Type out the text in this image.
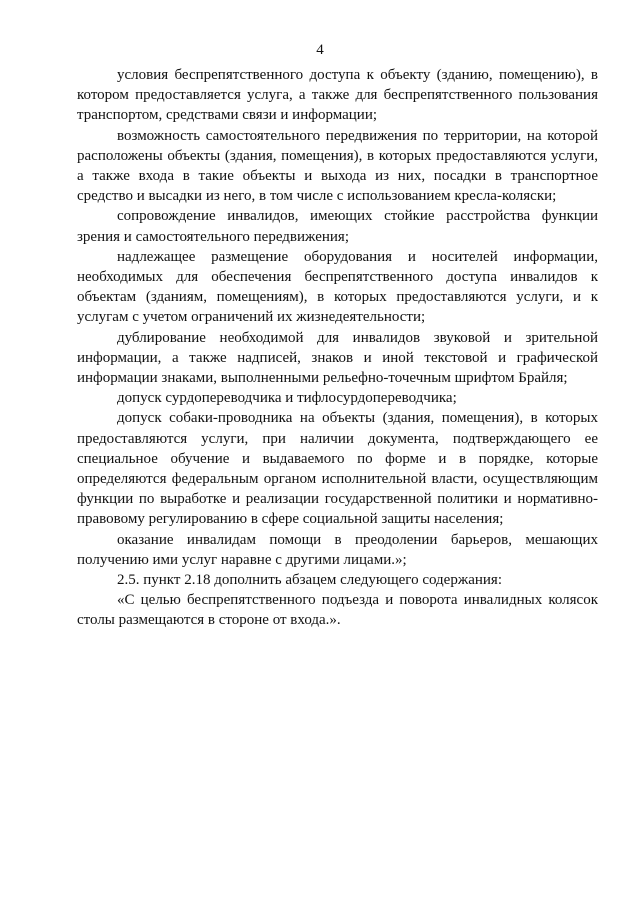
4

условия беспрепятственного доступа к объекту (зданию, помещению), в котором предоставляется услуга, а также для беспрепятственного пользования транспортом, средствами связи и информации;

возможность самостоятельного передвижения по территории, на которой расположены объекты (здания, помещения), в которых предоставляются услуги, а также входа в такие объекты и выхода из них, посадки в транспортное средство и высадки из него, в том числе с использованием кресла-коляски;

сопровождение инвалидов, имеющих стойкие расстройства функции зрения и самостоятельного передвижения;

надлежащее размещение оборудования и носителей информации, необходимых для обеспечения беспрепятственного доступа инвалидов к объектам (зданиям, помещениям), в которых предоставляются услуги, и к услугам с учетом ограничений их жизнедеятельности;

дублирование необходимой для инвалидов звуковой и зрительной информации, а также надписей, знаков и иной текстовой и графической информации знаками, выполненными рельефно-точечным шрифтом Брайля;

допуск сурдопереводчика и тифлосурдопереводчика;

допуск собаки-проводника на объекты (здания, помещения), в которых предоставляются услуги, при наличии документа, подтверждающего ее специальное обучение и выдаваемого по форме и в порядке, которые определяются федеральным органом исполнительной власти, осуществляющим функции по выработке и реализации государственной политики и нормативно-правовому регулированию в сфере социальной защиты населения;

оказание инвалидам помощи в преодолении барьеров, мешающих получению ими услуг наравне с другими лицами.»;

2.5. пункт 2.18 дополнить абзацем следующего содержания:

«С целью беспрепятственного подъезда и поворота инвалидных колясок столы размещаются в стороне от входа.».
